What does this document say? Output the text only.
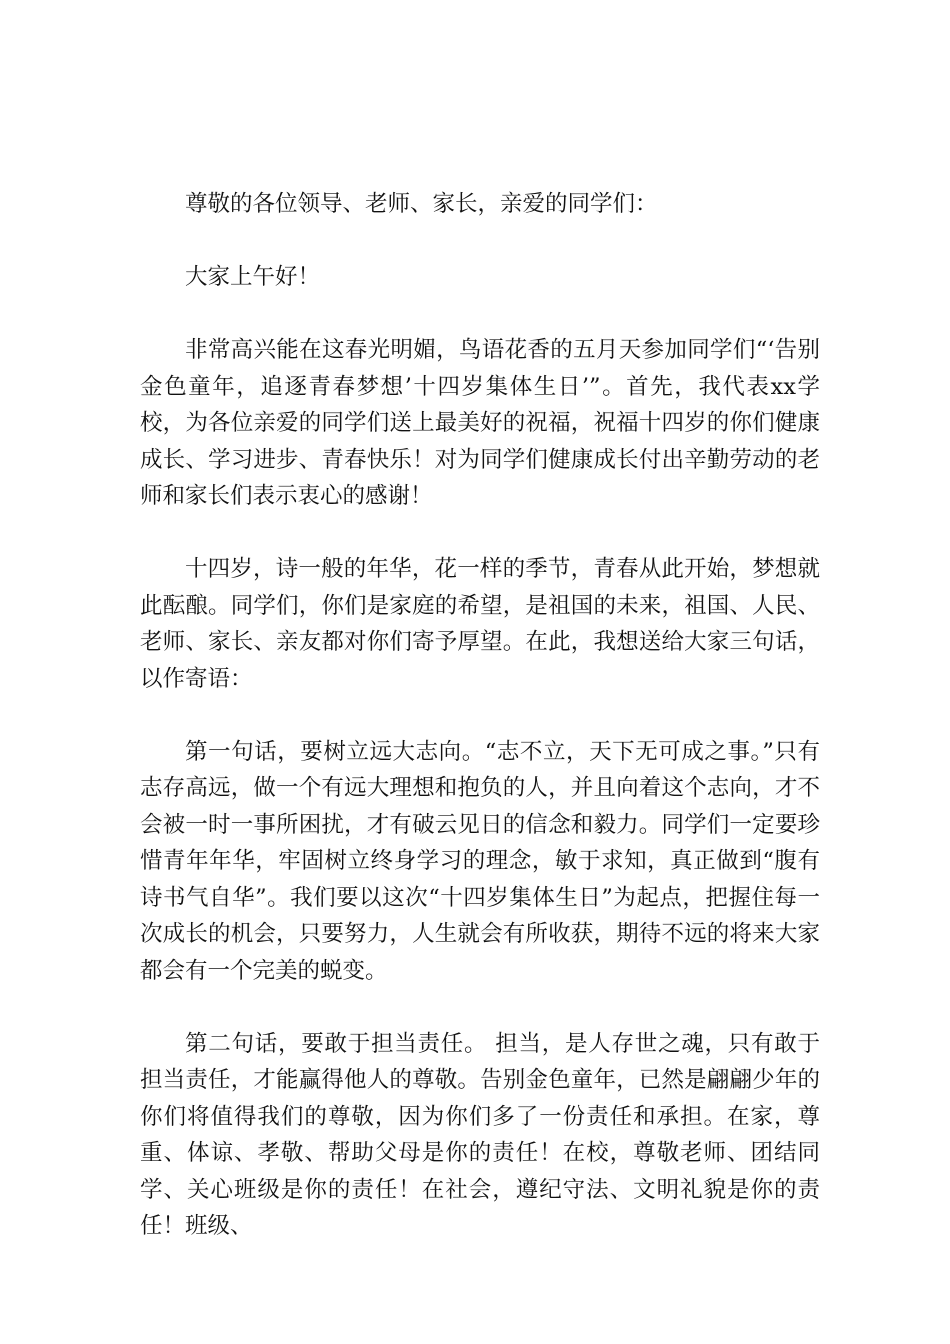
尊敬的各位领导、老师、家长，亲爱的同学们：

大家上午好！

非常高兴能在这春光明媚，鸟语花香的五月天参加同学们“‘告别金色童年，追逐青春梦想’十四岁集体生日’”。首先，我代表xx学校，为各位亲爱的同学们送上最美好的祝福，祝福十四岁的你们健康成长、学习进步、青春快乐！对为同学们健康成长付出辛勤劳动的老师和家长们表示衷心的感谢！

十四岁，诗一般的年华，花一样的季节，青春从此开始，梦想就此酝酿。同学们，你们是家庭的希望，是祖国的未来，祖国、人民、老师、家长、亲友都对你们寄予厚望。在此，我想送给大家三句话，以作寄语：

第一句话，要树立远大志向。“志不立，天下无可成之事。”只有志存高远，做一个有远大理想和抱负的人，并且向着这个志向，才不会被一时一事所困扰，才有破云见日的信念和毅力。同学们一定要珍惜青年年华，牢固树立终身学习的理念，敏于求知，真正做到“腹有诗书气自华”。我们要以这次“十四岁集体生日”为起点，把握住每一次成长的机会，只要努力，人生就会有所收获，期待不远的将来大家都会有一个完美的蜕变。

第二句话，要敢于担当责任。 担当，是人存世之魂，只有敢于担当责任，才能赢得他人的尊敬。告别金色童年，已然是翩翩少年的你们将值得我们的尊敬，因为你们多了一份责任和承担。在家，尊重、体谅、孝敬、帮助父母是你的责任！在校，尊敬老师、团结同学、关心班级是你的责任！在社会，遵纪守法、文明礼貌是你的责任！班级、
